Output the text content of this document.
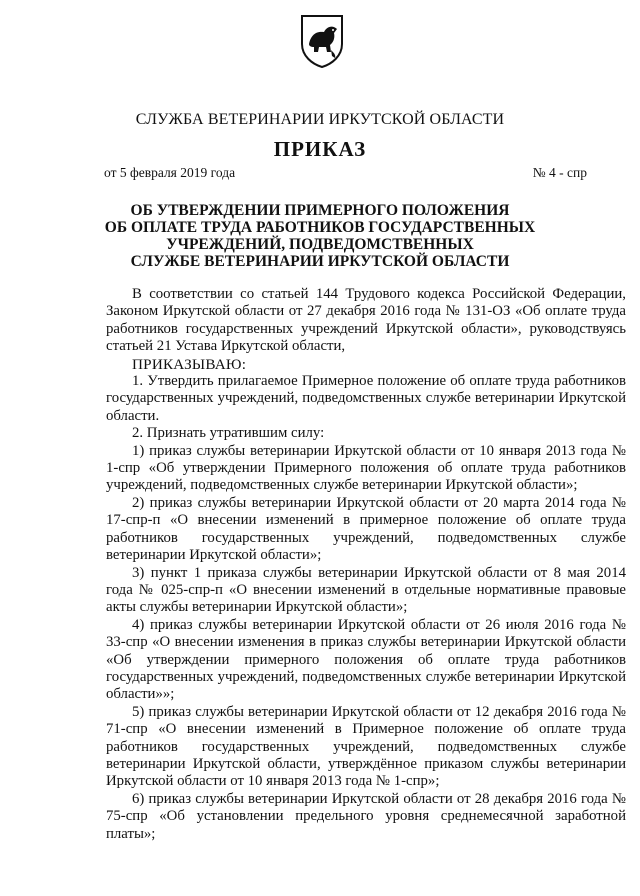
СЛУЖБА ВЕТЕРИНАРИИ ИРКУТСКОЙ ОБЛАСТИ
ПРИКАЗ
от 5 февраля 2019 года	№ 4 - спр
ОБ УТВЕРЖДЕНИИ ПРИМЕРНОГО ПОЛОЖЕНИЯ
ОБ ОПЛАТЕ ТРУДА РАБОТНИКОВ ГОСУДАРСТВЕННЫХ
УЧРЕЖДЕНИЙ, ПОДВЕДОМСТВЕННЫХ
СЛУЖБЕ ВЕТЕРИНАРИИ ИРКУТСКОЙ ОБЛАСТИ

В соответствии со статьей 144 Трудового кодекса Российской Федерации, Законом Иркутской области от 27 декабря 2016 года № 131-ОЗ «Об оплате труда работников государственных учреждений Иркутской области», руководствуясь статьей 21 Устава Иркутской области,

ПРИКАЗЫВАЮ:

1. Утвердить прилагаемое Примерное положение об оплате труда работников государственных учреждений, подведомственных службе ветеринарии Иркутской области.

2. Признать утратившим силу:

1) приказ службы ветеринарии Иркутской области от 10 января 2013 года № 1-спр «Об утверждении Примерного положения об оплате труда работников учреждений, подведомственных службе ветеринарии Иркутской области»;

2) приказ службы ветеринарии Иркутской области от 20 марта 2014 года № 17-спр-п «О внесении изменений в примерное положение об оплате труда работников государственных учреждений, подведомственных службе ветеринарии Иркутской области»;

3) пункт 1 приказа службы ветеринарии Иркутской области от 8 мая 2014 года № 025-спр-п «О внесении изменений в отдельные нормативные правовые акты службы ветеринарии Иркутской области»;

4) приказ службы ветеринарии Иркутской области от 26 июля 2016 года № 33-спр «О внесении изменения в приказ службы ветеринарии Иркутской области «Об утверждении примерного положения об оплате труда работников государственных учреждений, подведомственных службе ветеринарии Иркутской области»»;

5) приказ службы ветеринарии Иркутской области от 12 декабря 2016 года № 71-спр «О внесении изменений в Примерное положение об оплате труда работников государственных учреждений, подведомственных службе ветеринарии Иркутской области, утверждённое приказом службы ветеринарии Иркутской области от 10 января 2013 года № 1-спр»;

6) приказ службы ветеринарии Иркутской области от 28 декабря 2016 года № 75-спр «Об установлении предельного уровня среднемесячной заработной платы»;
